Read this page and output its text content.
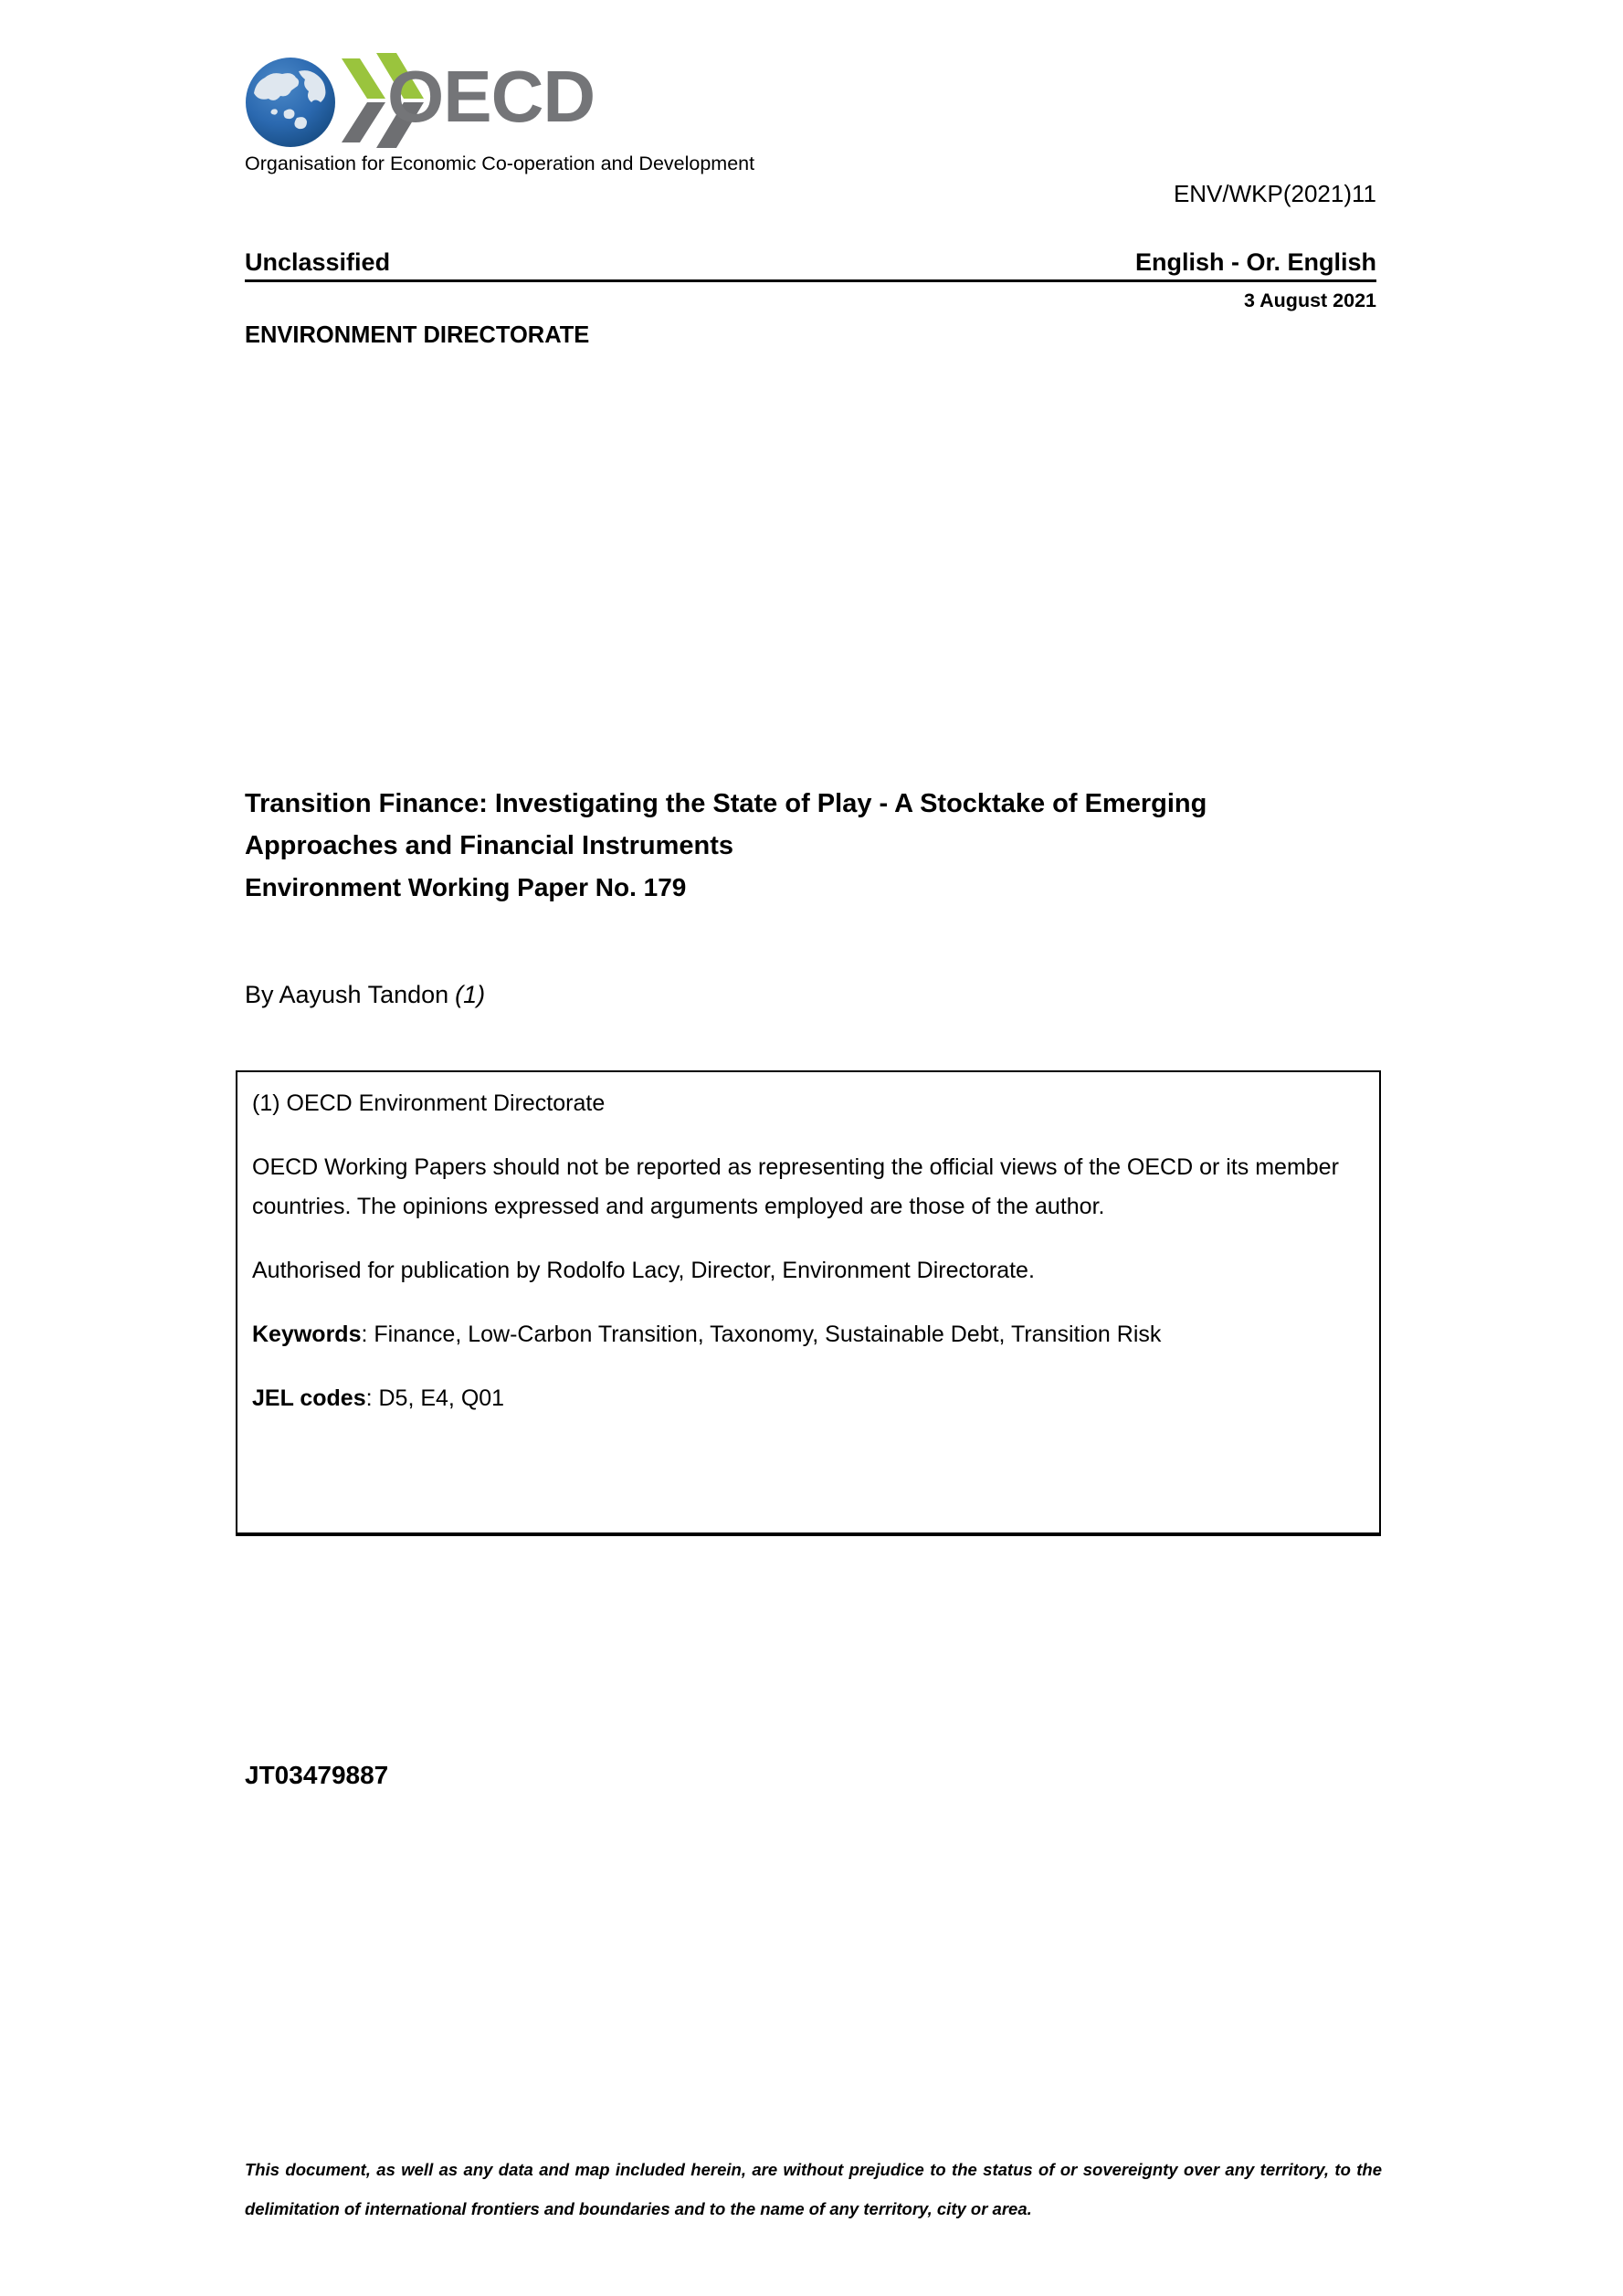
OECD
Organisation for Economic Co-operation and Development
ENV/WKP(2021)11
Unclassified	English - Or. English
3 August 2021
ENVIRONMENT DIRECTORATE
Transition Finance: Investigating the State of Play - A Stocktake of Emerging Approaches and Financial Instruments
Environment Working Paper No. 179
By Aayush Tandon (1)

(1) OECD Environment Directorate

OECD Working Papers should not be reported as representing the official views of the OECD or its member countries. The opinions expressed and arguments employed are those of the author.

Authorised for publication by Rodolfo Lacy, Director, Environment Directorate.

Keywords: Finance, Low-Carbon Transition, Taxonomy, Sustainable Debt, Transition Risk

JEL codes: D5, E4, Q01

JT03479887
This document, as well as any data and map included herein, are without prejudice to the status of or sovereignty over any territory, to the delimitation of international frontiers and boundaries and to the name of any territory, city or area.
